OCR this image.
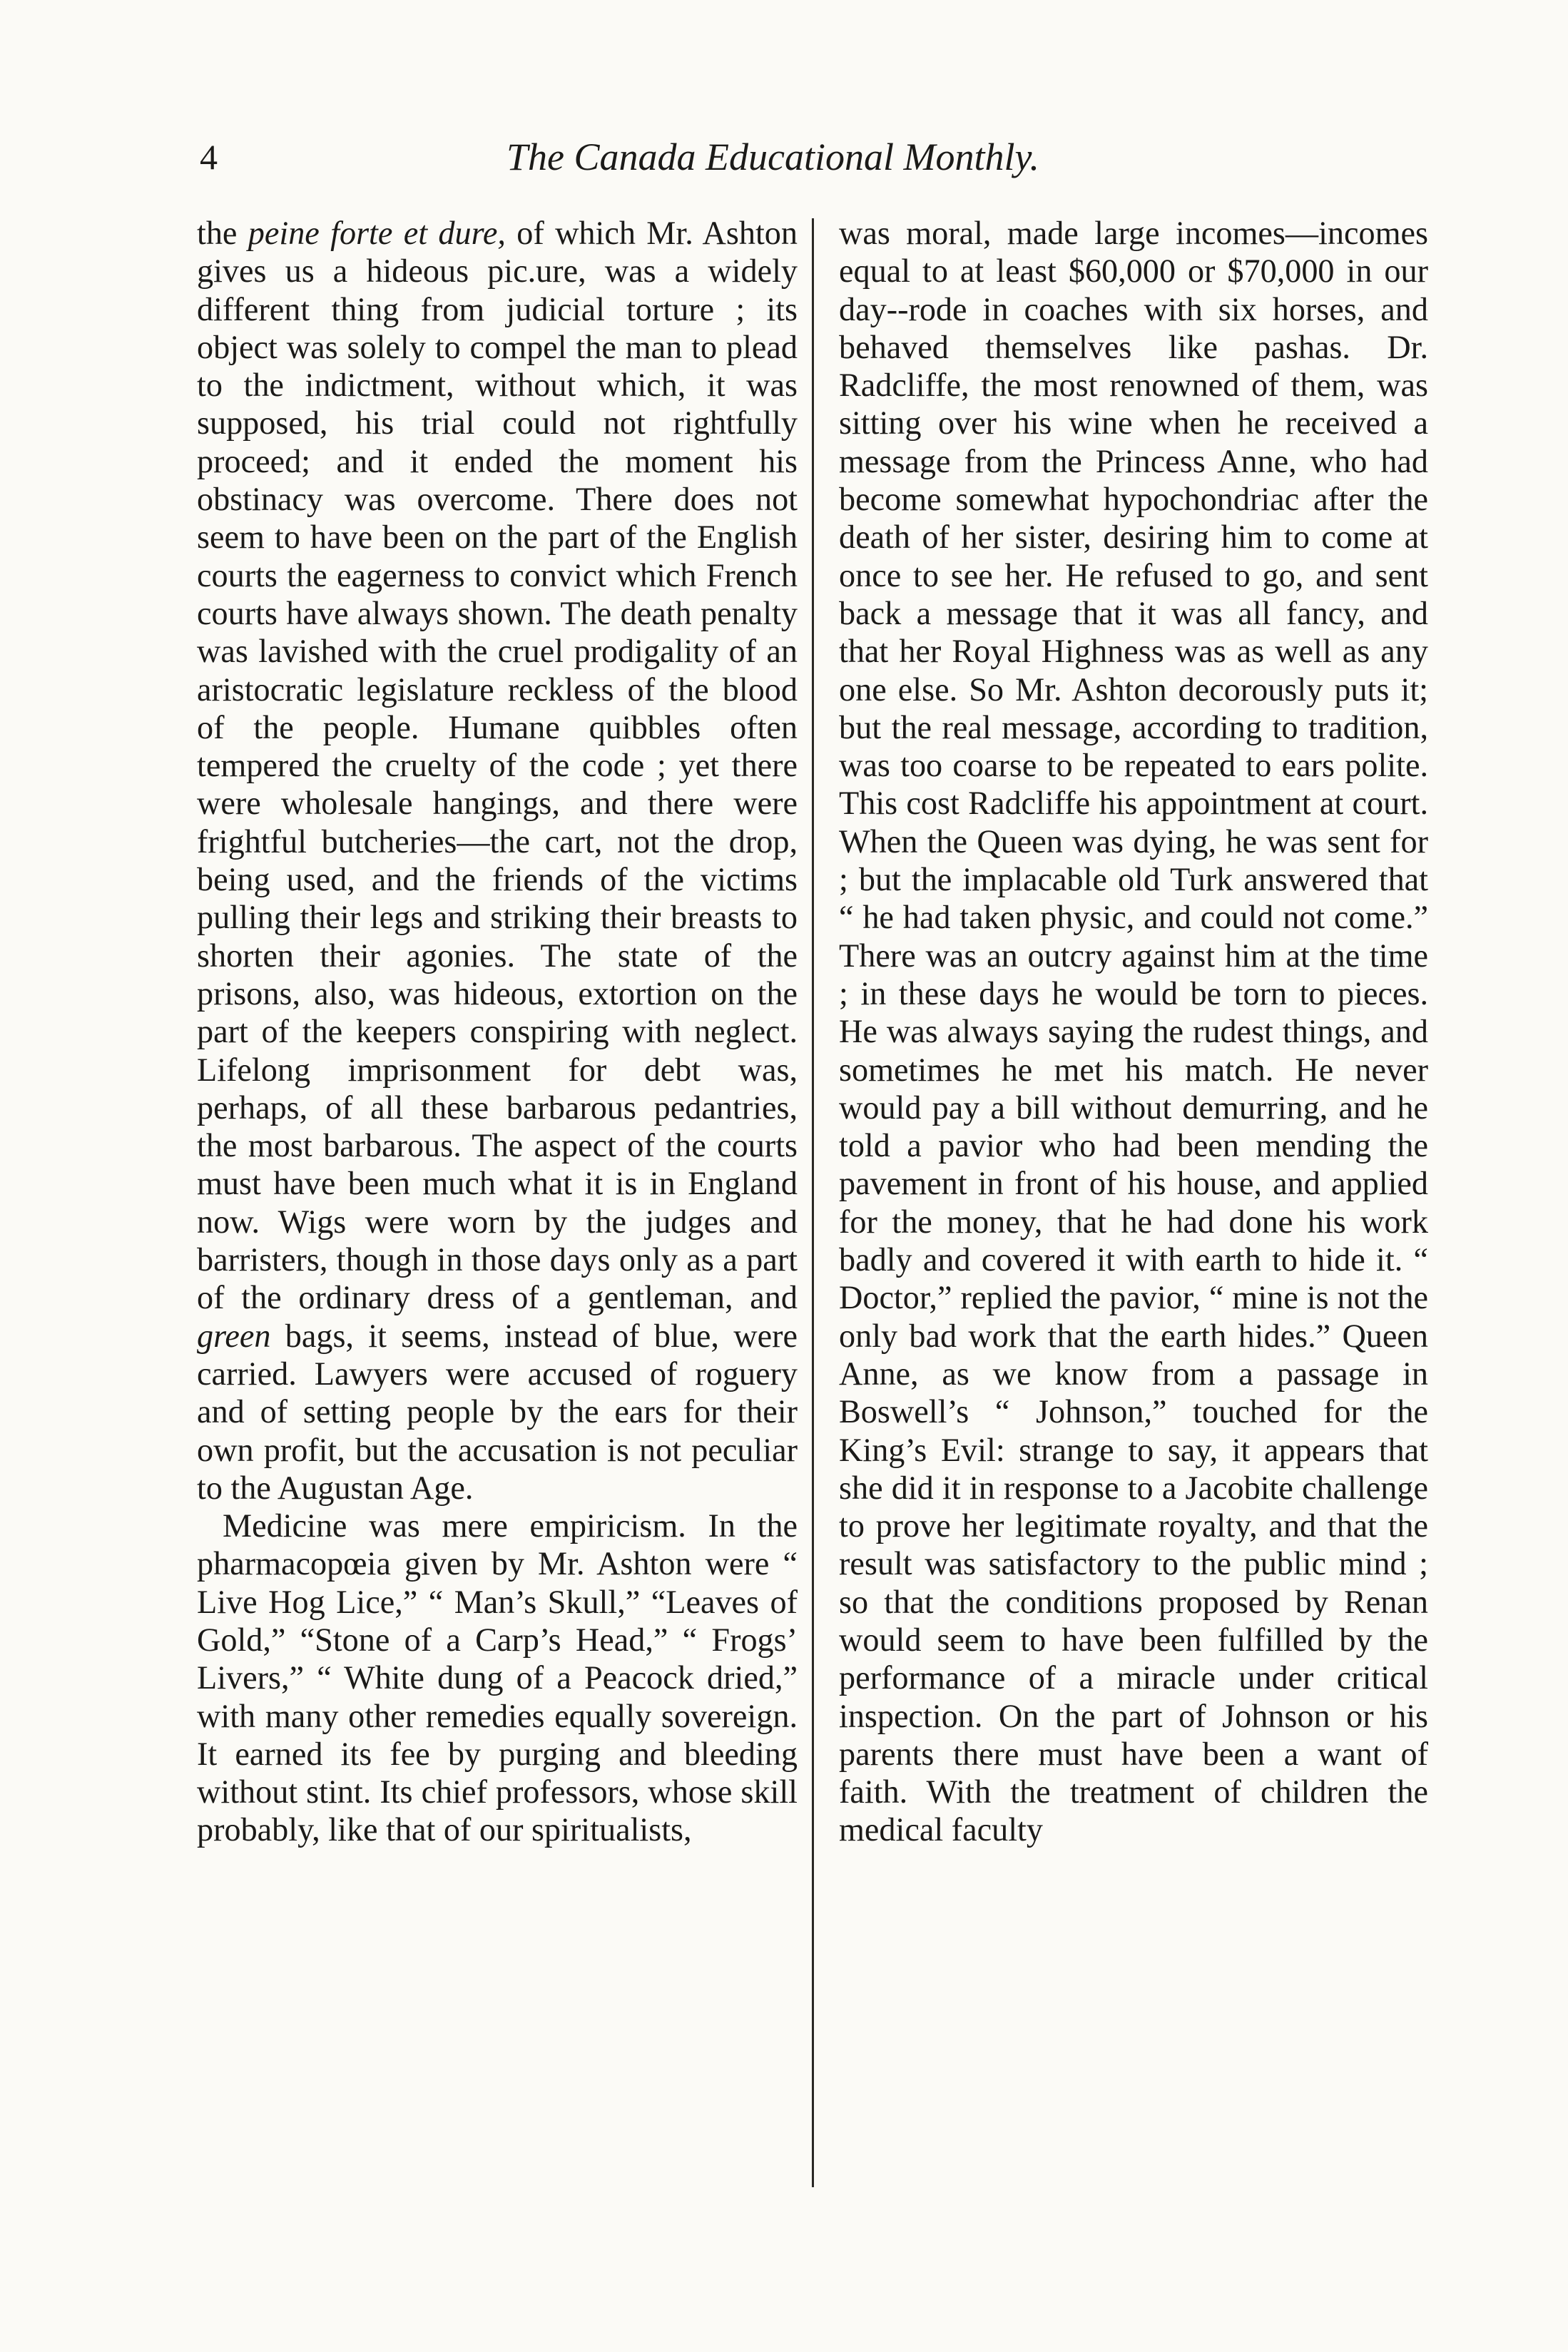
4	The Canada Educational Monthly.

the peine forte et dure, of which Mr. Ashton gives us a hideous pic.ure, was a widely different thing from judicial torture ; its object was solely to compel the man to plead to the indictment, without which, it was supposed, his trial could not rightfully proceed; and it ended the moment his obstinacy was overcome. There does not seem to have been on the part of the English courts the eagerness to convict which French courts have always shown. The death penalty was lavished with the cruel prodigality of an aristocratic legislature reckless of the blood of the people. Humane quibbles often tempered the cruelty of the code ; yet there were wholesale hangings, and there were frightful butcheries—the cart, not the drop, being used, and the friends of the victims pulling their legs and striking their breasts to shorten their agonies. The state of the prisons, also, was hideous, extortion on the part of the keepers conspiring with neglect. Lifelong imprisonment for debt was, perhaps, of all these barbarous pedantries, the most barbarous. The aspect of the courts must have been much what it is in England now. Wigs were worn by the judges and barristers, though in those days only as a part of the ordinary dress of a gentleman, and green bags, it seems, instead of blue, were carried. Lawyers were accused of roguery and of setting people by the ears for their own profit, but the accusation is not peculiar to the Augustan Age.

Medicine was mere empiricism. In the pharmacopœia given by Mr. Ashton were “ Live Hog Lice,” “ Man’s Skull,” “Leaves of Gold,” “Stone of a Carp’s Head,” “ Frogs’ Livers,” “ White dung of a Peacock dried,” with many other remedies equally sovereign. It earned its fee by purging and bleeding without stint. Its chief professors, whose skill probably, like that of our spiritualists,

was moral, made large incomes—incomes equal to at least $60,000 or $70,000 in our day--rode in coaches with six horses, and behaved themselves like pashas. Dr. Radcliffe, the most renowned of them, was sitting over his wine when he received a message from the Princess Anne, who had become somewhat hypochondriac after the death of her sister, desiring him to come at once to see her. He refused to go, and sent back a message that it was all fancy, and that her Royal Highness was as well as any one else. So Mr. Ashton decorously puts it; but the real message, according to tradition, was too coarse to be repeated to ears polite. This cost Radcliffe his appointment at court. When the Queen was dying, he was sent for ; but the implacable old Turk answered that “ he had taken physic, and could not come.” There was an outcry against him at the time ; in these days he would be torn to pieces. He was always saying the rudest things, and sometimes he met his match. He never would pay a bill without demurring, and he told a pavior who had been mending the pavement in front of his house, and applied for the money, that he had done his work badly and covered it with earth to hide it. “ Doctor,” replied the pavior, “ mine is not the only bad work that the earth hides.” Queen Anne, as we know from a passage in Boswell’s “ Johnson,” touched for the King’s Evil: strange to say, it appears that she did it in response to a Jacobite challenge to prove her legitimate royalty, and that the result was satisfactory to the public mind ; so that the conditions proposed by Renan would seem to have been fulfilled by the performance of a miracle under critical inspection. On the part of Johnson or his parents there must have been a want of faith. With the treatment of children the medical faculty
